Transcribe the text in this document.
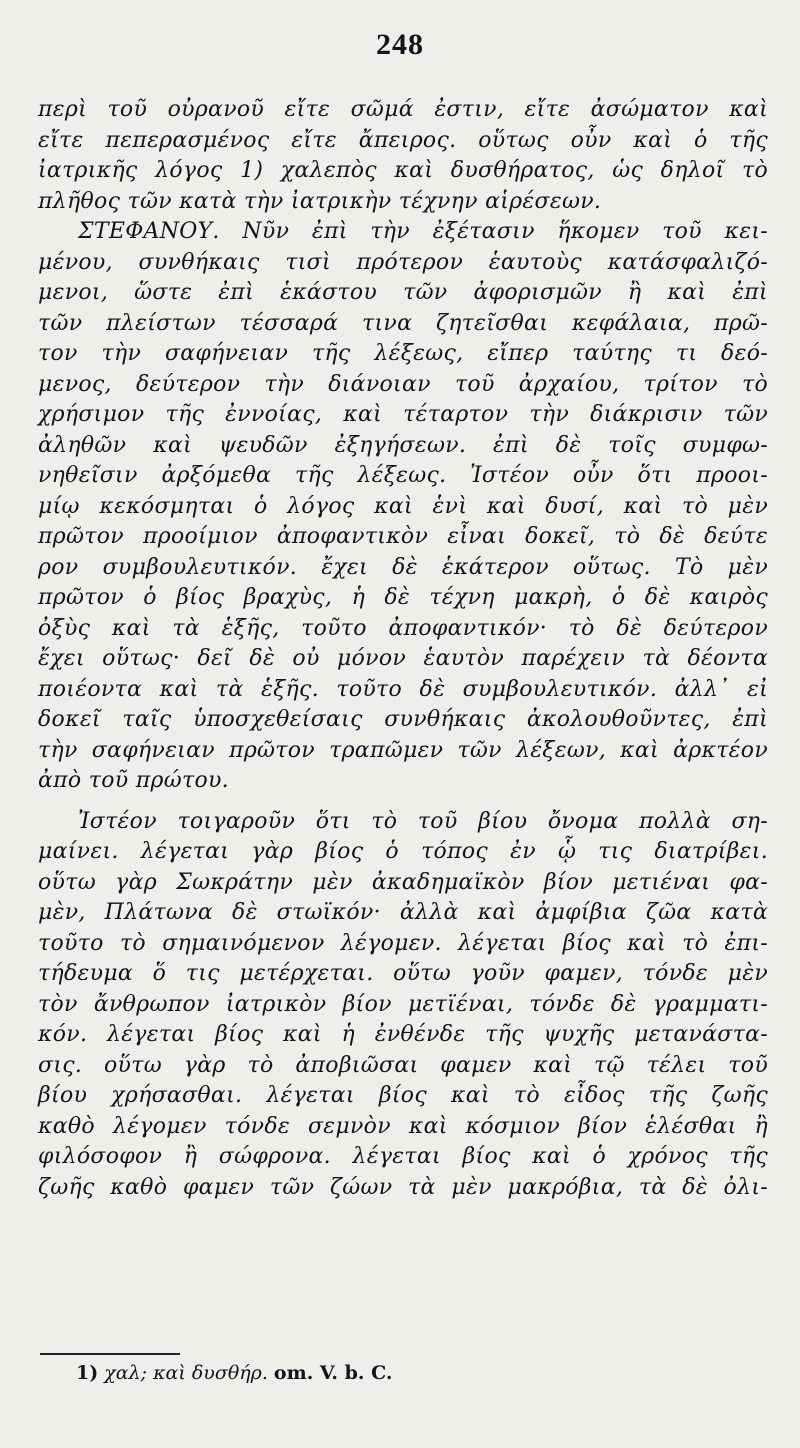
248
περὶ τοῦ οὐρανοῦ εἴτε σῶμά ἐστιν, εἴτε ἀσώματον καὶ
εἴτε πεπερασμένος εἴτε ἄπειρος. οὕτως οὖν καὶ ὁ τῆς
ἰατρικῆς λόγος 1) χαλεπὸς καὶ δυσθήρατος, ὡς δηλοῖ τὸ
πλῆθος τῶν κατὰ τὴν ἰατρικὴν τέχνην αἱρέσεων.
ΣΤΕΦΑΝΟΥ. Νῦν ἐπὶ τὴν ἐξέτασιν ἥκομεν τοῦ κει-
μένου, συνθήκαις τισὶ πρότερον ἑαυτοὺς κατάσφαλιζό-
μενοι, ὥστε ἐπὶ ἑκάστου τῶν ἀφορισμῶν ἢ καὶ ἐπὶ
τῶν πλείστων τέσσαρά τινα ζητεῖσθαι κεφάλαια, πρῶ-
τον τὴν σαφήνειαν τῆς λέξεως, εἴπερ ταύτης τι δεό-
μενος, δεύτερον τὴν διάνοιαν τοῦ ἀρχαίου, τρίτον τὸ
χρήσιμον τῆς ἐννοίας, καὶ τέταρτον τὴν διάκρισιν τῶν
ἀληθῶν καὶ ψευδῶν ἐξηγήσεων. ἐπὶ δὲ τοῖς συμφω-
νηθεῖσιν ἀρξόμεθα τῆς λέξεως. Ἰστέον οὖν ὅτι προοι-
μίῳ κεκόσμηται ὁ λόγος καὶ ἑνὶ καὶ δυσί, καὶ τὸ μὲν
πρῶτον προοίμιον ἀποφαντικὸν εἶναι δοκεῖ, τὸ δὲ δεύτε
ρον συμβουλευτικόν. ἔχει δὲ ἑκάτερον οὕτως. Τὸ μὲν
πρῶτον ὁ βίος βραχὺς, ἡ δὲ τέχνη μακρὴ, ὁ δὲ καιρὸς
ὀξὺς καὶ τὰ ἑξῆς, τοῦτο ἀποφαντικόν· τὸ δὲ δεύτερον
ἔχει οὕτως· δεῖ δὲ οὐ μόνον ἑαυτὸν παρέχειν τὰ δέοντα
ποιέοντα καὶ τὰ ἑξῆς. τοῦτο δὲ συμβουλευτικόν. ἀλλ᾽ εἰ
δοκεῖ ταῖς ὑποσχεθείσαις συνθήκαις ἀκολουθοῦντες, ἐπὶ
τὴν σαφήνειαν πρῶτον τραπῶμεν τῶν λέξεων, καὶ ἀρκτέον
ἀπὸ τοῦ πρώτου.
Ἰστέον τοιγαροῦν ὅτι τὸ τοῦ βίου ὄνομα πολλὰ ση-
μαίνει. λέγεται γὰρ βίος ὁ τόπος ἐν ᾧ τις διατρίβει.
οὕτω γὰρ Σωκράτην μὲν ἀκαδημαϊκὸν βίον μετιέναι φα-
μὲν, Πλάτωνα δὲ στωϊκόν· ἀλλὰ καὶ ἀμφίβια ζῶα κατὰ
τοῦτο τὸ σημαινόμενον λέγομεν. λέγεται βίος καὶ τὸ ἐπι-
τήδευμα ὅ τις μετέρχεται. οὕτω γοῦν φαμεν, τόνδε μὲν
τὸν ἄνθρωπον ἰατρικὸν βίον μετϊέναι, τόνδε δὲ γραμματι-
κόν. λέγεται βίος καὶ ἡ ἐνθένδε τῆς ψυχῆς μετανάστα-
σις. οὕτω γὰρ τὸ ἀποβιῶσαι φαμεν καὶ τῷ τέλει τοῦ
βίου χρήσασθαι. λέγεται βίος καὶ τὸ εἶδος τῆς ζωῆς
καθὸ λέγομεν τόνδε σεμνὸν καὶ κόσμιον βίον ἑλέσθαι ἢ
φιλόσοφον ἢ σώφρονα. λέγεται βίος καὶ ὁ χρόνος τῆς
ζωῆς καθὸ φαμεν τῶν ζώων τὰ μὲν μακρόβια, τὰ δὲ ὀλι-
1) χαλ; καὶ δυσθήρ. om. V. b. C.
